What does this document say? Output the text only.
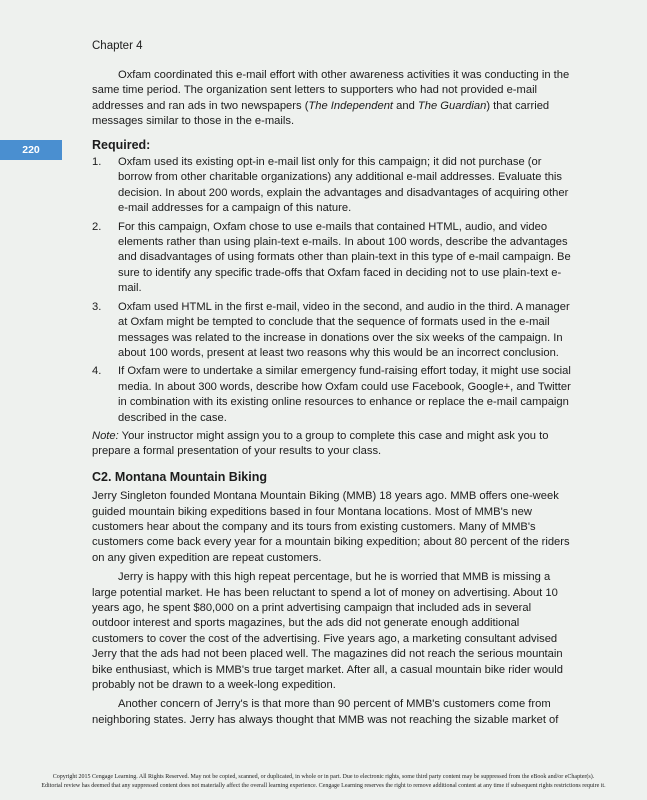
Chapter 4
220

Oxfam coordinated this e-mail effort with other awareness activities it was conducting in the same time period. The organization sent letters to supporters who had not provided e-mail addresses and ran ads in two newspapers (The Independent and The Guardian) that carried messages similar to those in the e-mails.

Required:
1. Oxfam used its existing opt-in e-mail list only for this campaign; it did not purchase (or borrow from other charitable organizations) any additional e-mail addresses. Evaluate this decision. In about 200 words, explain the advantages and disadvantages of acquiring other e-mail addresses for a campaign of this nature.
2. For this campaign, Oxfam chose to use e-mails that contained HTML, audio, and video elements rather than using plain-text e-mails. In about 100 words, describe the advantages and disadvantages of using formats other than plain-text in this type of e-mail campaign. Be sure to identify any specific trade-offs that Oxfam faced in deciding not to use plain-text e-mail.
3. Oxfam used HTML in the first e-mail, video in the second, and audio in the third. A manager at Oxfam might be tempted to conclude that the sequence of formats used in the e-mail messages was related to the increase in donations over the six weeks of the campaign. In about 100 words, present at least two reasons why this would be an incorrect conclusion.
4. If Oxfam were to undertake a similar emergency fund-raising effort today, it might use social media. In about 300 words, describe how Oxfam could use Facebook, Google+, and Twitter in combination with its existing online resources to enhance or replace the e-mail campaign described in the case.

Note: Your instructor might assign you to a group to complete this case and might ask you to prepare a formal presentation of your results to your class.

C2. Montana Mountain Biking

Jerry Singleton founded Montana Mountain Biking (MMB) 18 years ago. MMB offers one-week guided mountain biking expeditions based in four Montana locations. Most of MMB's new customers hear about the company and its tours from existing customers. Many of MMB's customers come back every year for a mountain biking expedition; about 80 percent of the riders on any given expedition are repeat customers.

Jerry is happy with this high repeat percentage, but he is worried that MMB is missing a large potential market. He has been reluctant to spend a lot of money on advertising. About 10 years ago, he spent $80,000 on a print advertising campaign that included ads in several outdoor interest and sports magazines, but the ads did not generate enough additional customers to cover the cost of the advertising. Five years ago, a marketing consultant advised Jerry that the ads had not been placed well. The magazines did not reach the serious mountain bike enthusiast, which is MMB's true target market. After all, a casual mountain bike rider would probably not be drawn to a week-long expedition.

Another concern of Jerry's is that more than 90 percent of MMB's customers come from neighboring states. Jerry has always thought that MMB was not reaching the sizable market of

Copyright 2015 Cengage Learning. All Rights Reserved. May not be copied, scanned, or duplicated, in whole or in part. Due to electronic rights, some third party content may be suppressed from the eBook and/or eChapter(s).
Editorial review has deemed that any suppressed content does not materially affect the overall learning experience. Cengage Learning reserves the right to remove additional content at any time if subsequent rights restrictions require it.
